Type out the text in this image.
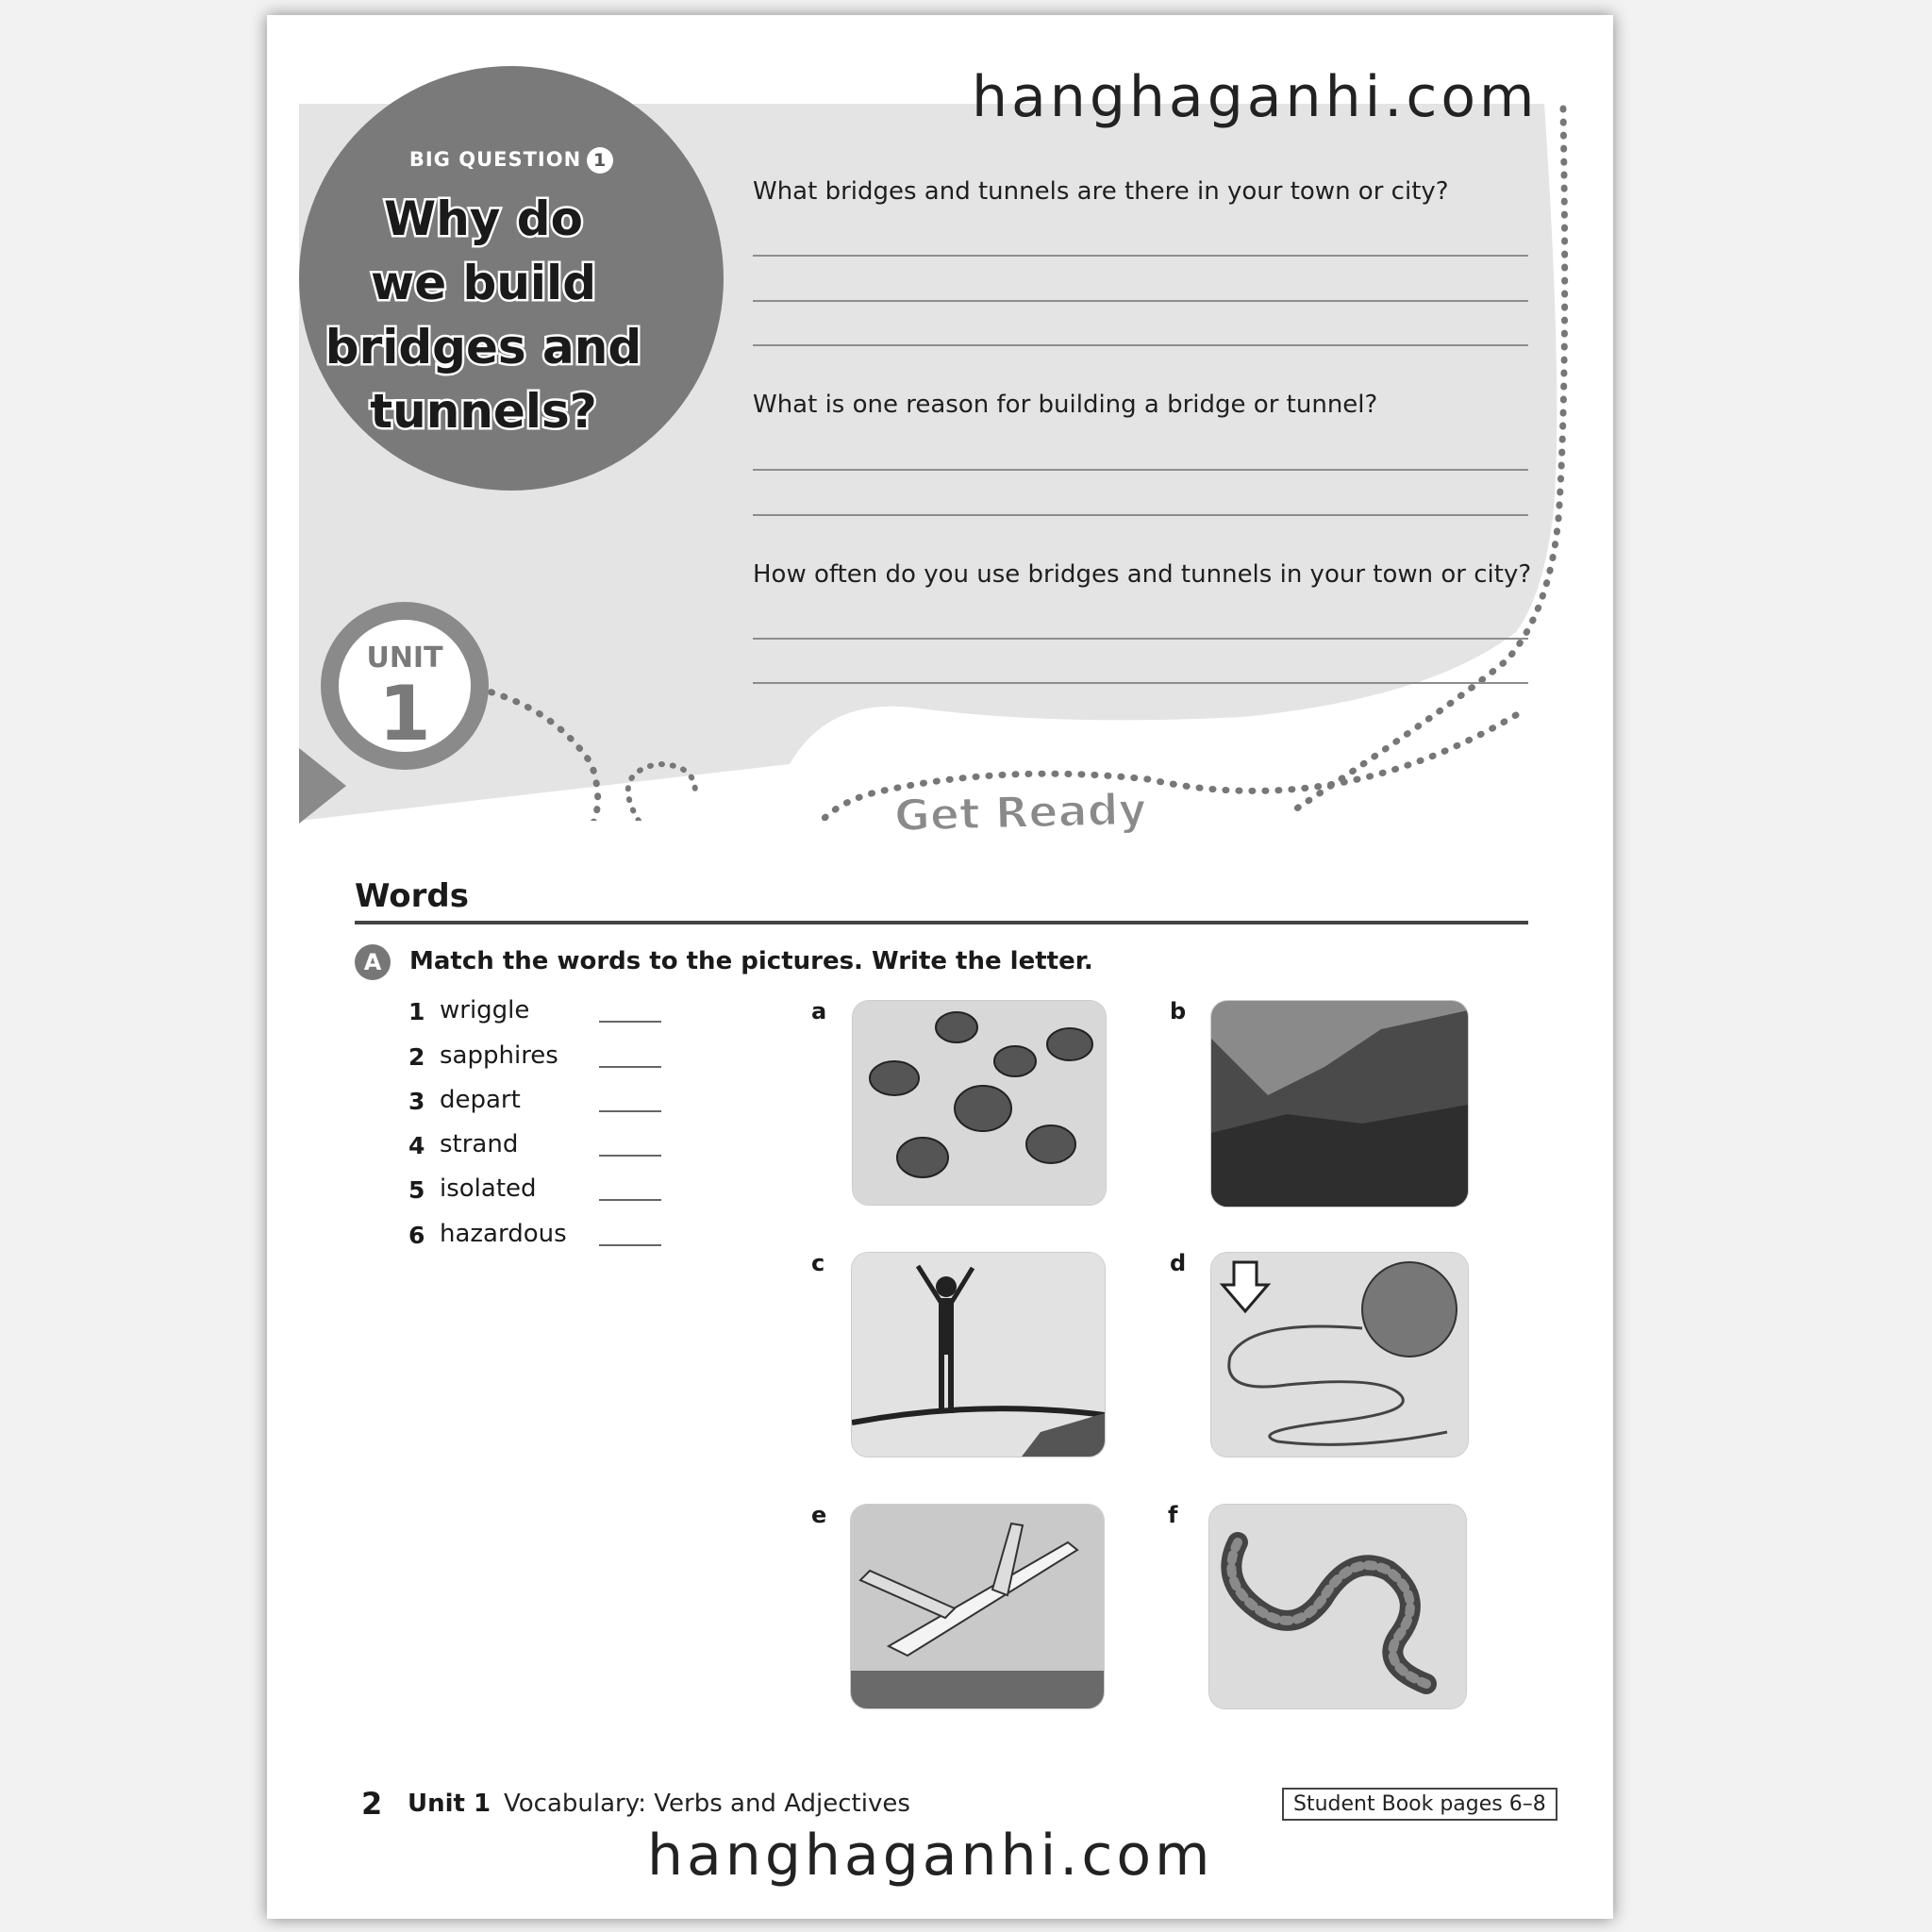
BIG QUESTION 1
Why do
we build
bridges and
tunnels?
hanghaganhi.com
What bridges and tunnels are there in your town or city?
What is one reason for building a bridge or tunnel?
How often do you use bridges and tunnels in your town or city?
UNIT
1
Get Ready
Words
A	Match the words to the pictures. Write the letter.
1 wriggle
2 sapphires
3 depart
4 strand
5 isolated
6 hazardous
a	b
c	d
e	f
2 Unit 1 Vocabulary: Verbs and Adjectives	Student Book pages 6–8
hanghaganhi.com
